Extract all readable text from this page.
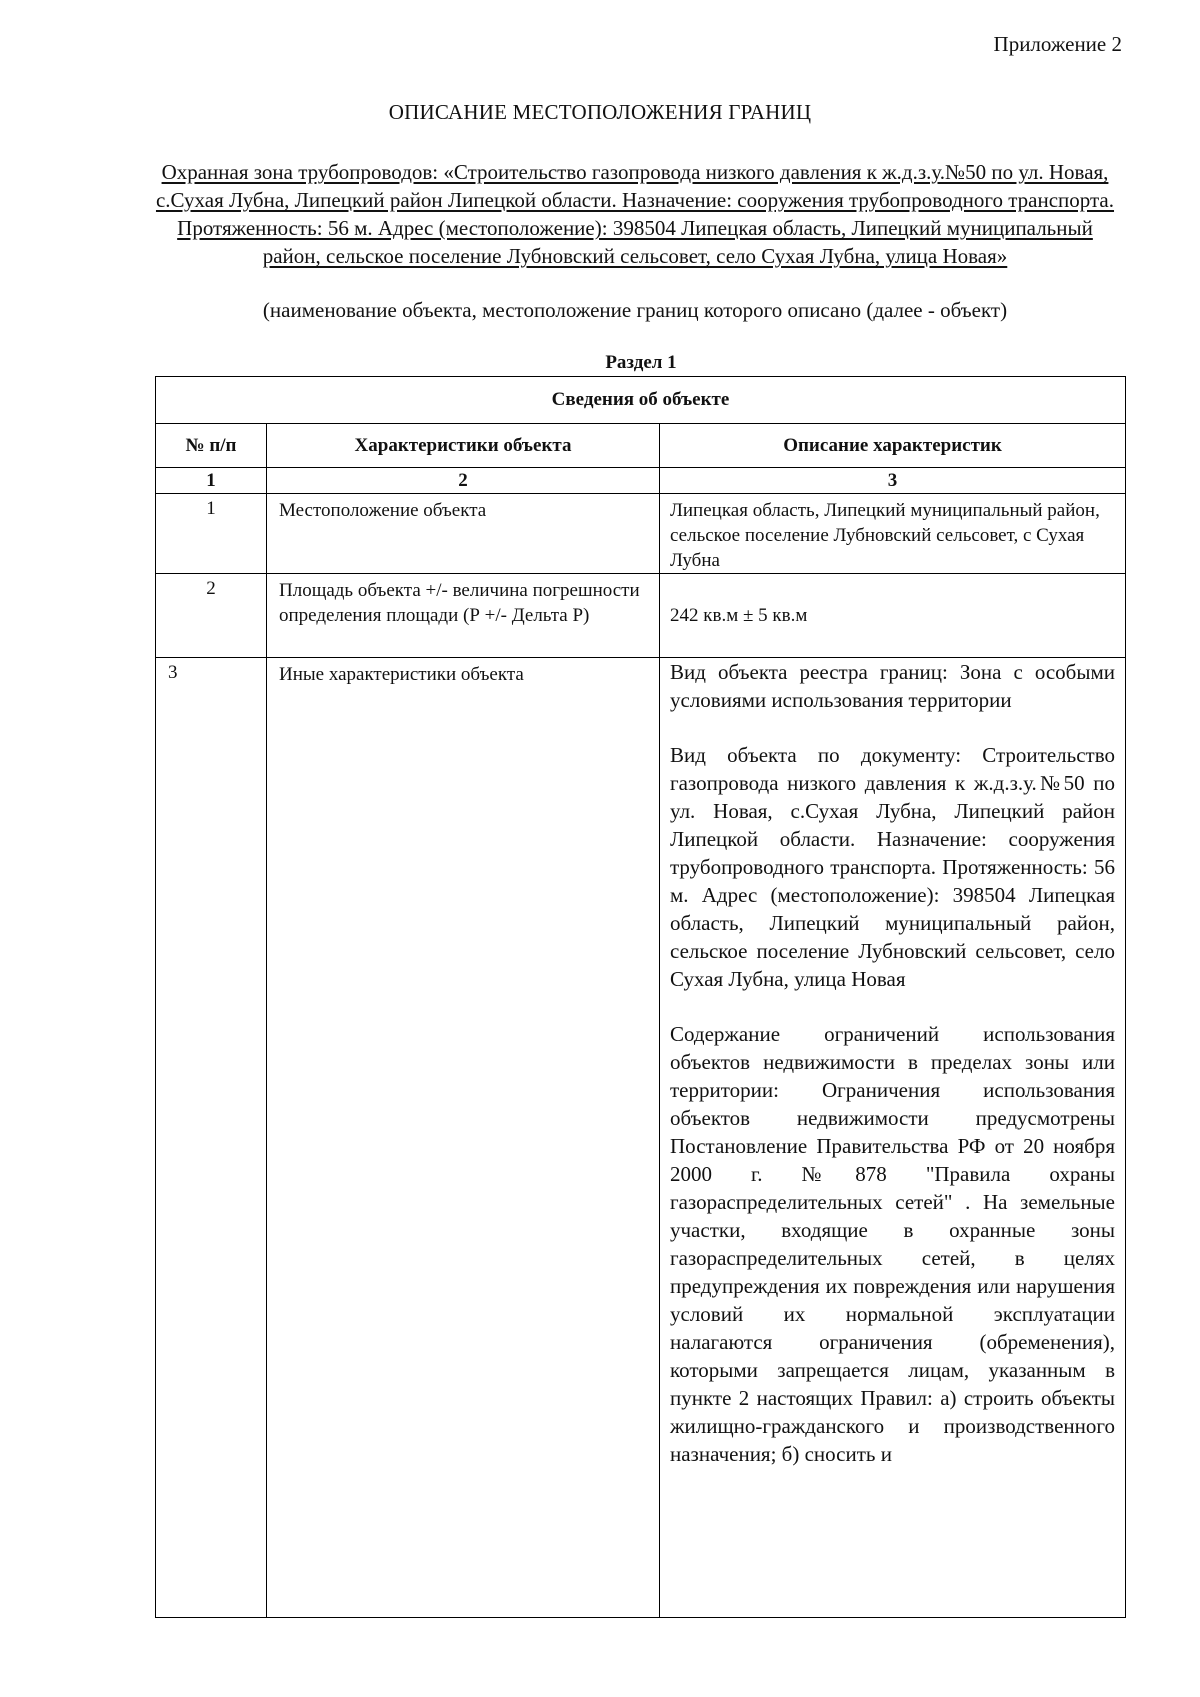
Приложение 2
ОПИСАНИЕ МЕСТОПОЛОЖЕНИЯ ГРАНИЦ
Охранная зона трубопроводов: «Строительство газопровода низкого давления к ж.д.з.у.№50 по ул. Новая, с.Сухая Лубна, Липецкий район Липецкой области. Назначение: сооружения трубопроводного транспорта. Протяженность: 56 м. Адрес (местоположение): 398504 Липецкая область, Липецкий муниципальный район, сельское поселение Лубновский сельсовет, село Сухая Лубна, улица Новая»
(наименование объекта, местоположение границ которого описано (далее - объект)
Раздел 1
Сведения об объекте		
№ п/п	Характеристики объекта	Описание характеристик
1	2	3
1	Местоположение объекта	Липецкая область, Липецкий муниципальный район, сельское поселение Лубновский сельсовет, с Сухая Лубна
2	Площадь объекта +/- величина погрешности определения площади (Р +/- Дельта Р)	242 кв.м ± 5 кв.м
3	Иные характеристики объекта	Вид объекта реестра границ: Зона с особыми условиями использования территории

Вид объекта по документу: Строительство газопровода низкого давления к ж.д.з.у.№50 по ул. Новая, с.Сухая Лубна, Липецкий район Липецкой области. Назначение: сооружения трубопроводного транспорта. Протяженность: 56 м. Адрес (местоположение): 398504 Липецкая область, Липецкий муниципальный район, сельское поселение Лубновский сельсовет, село Сухая Лубна, улица Новая

Содержание ограничений использования объектов недвижимости в пределах зоны или территории: Ограничения использования объектов недвижимости предусмотрены Постановление Правительства РФ от 20 ноября 2000 г. №878 "Правила охраны газораспределительных сетей" . На земельные участки, входящие в охранные зоны газораспределительных сетей, в целях предупреждения их повреждения или нарушения условий их нормальной эксплуатации налагаются ограничения (обременения), которыми запрещается лицам, указанным в пункте 2 настоящих Правил: а) строить объекты жилищно-гражданского и производственного назначения; б) сносить и
